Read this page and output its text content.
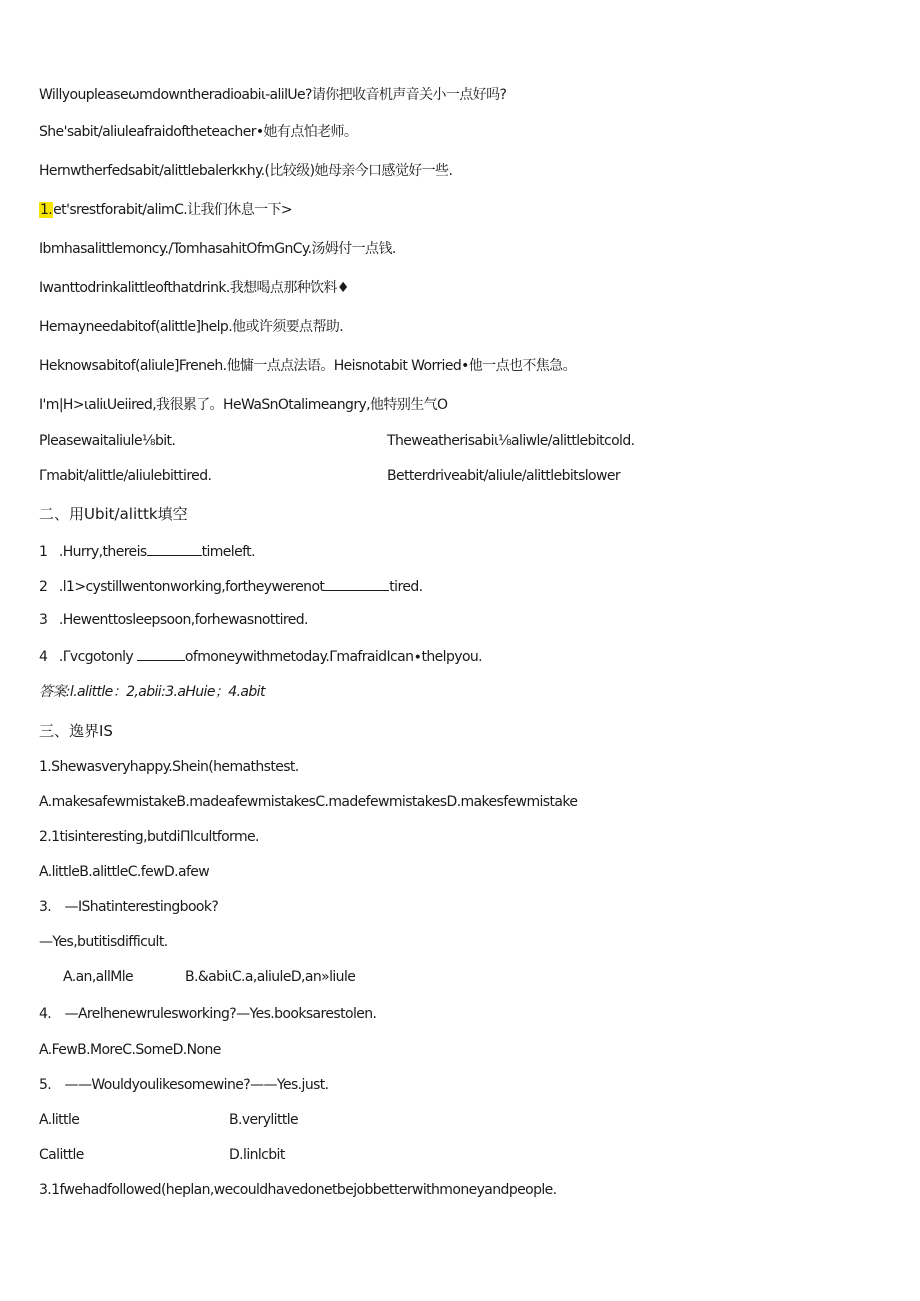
Willyoupleaseωmdowntheradioabiι-alilUe?请你把收音机声音关小一点好吗?
She'sabit/aliuleafraidoftheteacher•她有点怕老师。
Hernwtherfedsabit/alittlebalerkκhy.(比较级)她母亲今口感觉好一些.
1.et'srestforabit/alimC.让我们休息一下>
Ibmhasalittlemoncy./TomhasahitOfmGnCy.汤姆付一点钱.
Iwanttodrinkalittleofthatdrink.我想喝点那种饮料♦
Hemayneedabitof(alittle]help.他或许须要点帮助.
Heknowsabitof(aliule]Freneh.他慵一点点法语。Heisnotabit Worried•他一点也不焦急。
I'm|H>ιaliιUeiired,我很累了。HeWaSnOtalimeangry,他特别生气O
Pleasewaitaliule⅛bit.	Theweatherisabiι⅛aliwle/alittlebitcold.
Γmabit/alittle/aliulebittired.	Betterdriveabit/aliule/alittlebitslower
二、用Ubit/alittk填空
1 .Hurry,thereis	timeleft.
2 .l1>cystillwentonworking,fortheywerenot	tired.
3 .Hewenttosleepsoon,forhewasnottired.
4 .Γvcgotonly	ofmoneywithmetoday.ΓmafraidIcan∙thelpyou.
答案:l.alittle：2,abii:3.aHuie；4.abit
三、逸界IS
1.Shewasveryhappy.Shein(hemathstest.
A.makesafewmistakeB.madeafewmistakesC.madefewmistakesD.makesfewmistake
2.1tisinteresting,butdiΠlcultforme.
A.littleB.alittleC.fewD.afew
3.　—IShatinterestingbook?
—Yes,butitisdifficult.
A.an,allMle	B.&abiιC.a,aliuleD,an»liule
4.　—Arelhenewrulesworking?—Yes.booksarestolen.
A.FewB.MoreC.SomeD.None
5.　——Wouldyoulikesomewine?——Yes.just.
A.little	B.verylittle
Calittle	D.linlcbit
3.1fwehadfollowed(heplan,wecouldhavedonetbejobbetterwithmoneyandpeople.
